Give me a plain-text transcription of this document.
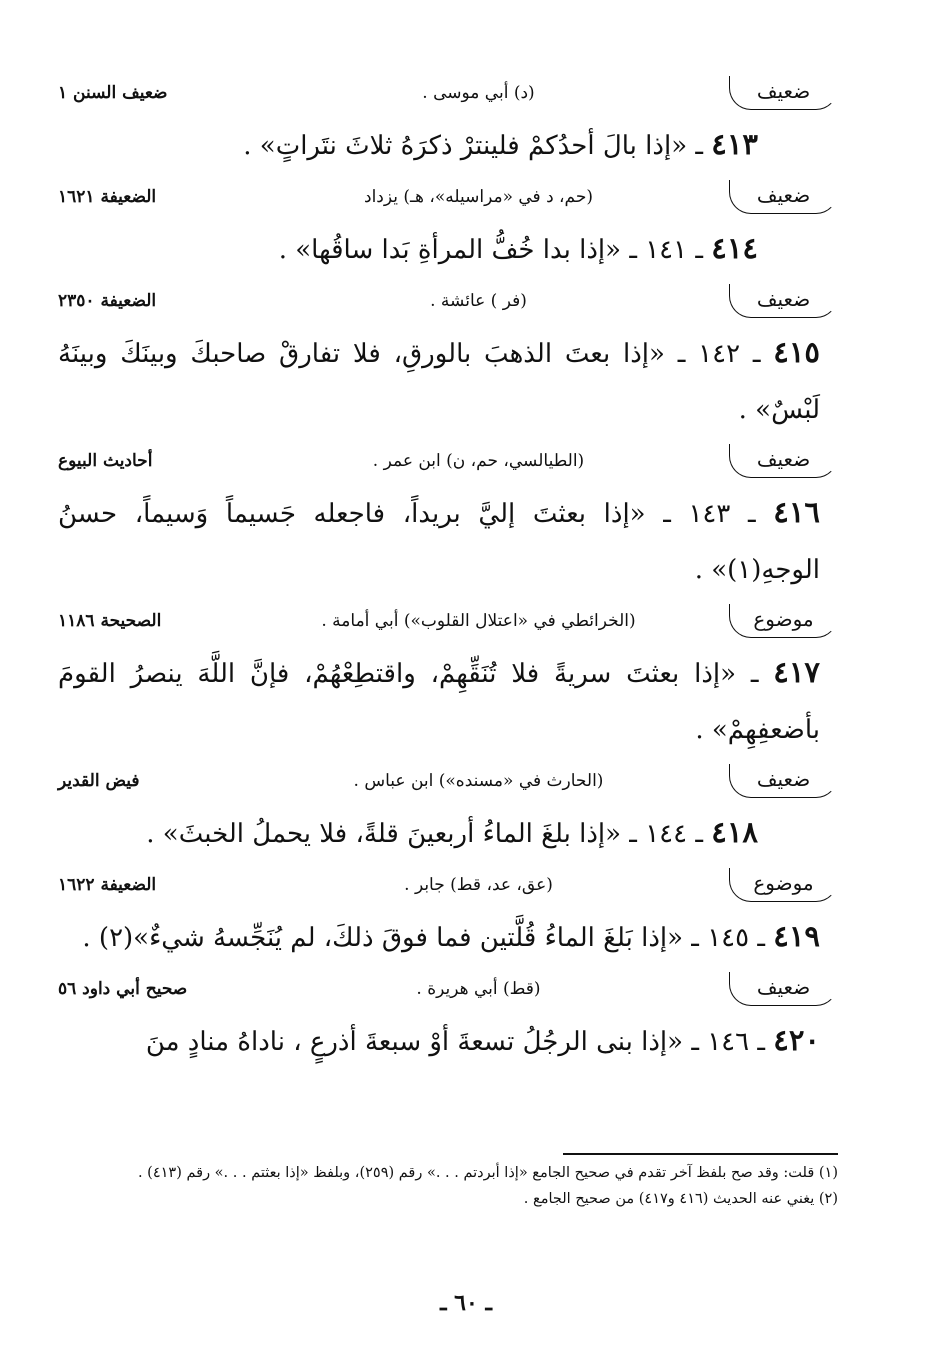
ضعيف
(د) أبي موسى .
ضعيف السنن ١
٤١٣ ـ «إذا بالَ أحدُكمْ فلينترْ ذكرَهُ ثلاثَ نتَراتٍ» .
ضعيف
(حم، د في «مراسيله»، هـ) يزداد
الضعيفة ١٦٢١
٤١٤ ـ ١٤١ ـ «إذا بدا خُفُّ المرأةِ بَدا ساقُها» .
ضعيف
(فر ) عائشة .
الضعيفة ٢٣٥٠
٤١٥ ـ ١٤٢ ـ «إذا بعتَ الذهبَ بالورقِ، فلا تفارقْ صاحبكَ وبينَكَ وبينَهُ لَبْسٌ» .
ضعيف
(الطيالسي، حم، ن) ابن عمر .
أحاديث البيوع
٤١٦ ـ ١٤٣ ـ «إذا بعثتَ إليَّ بريداً، فاجعله جَسيماً وَسيماً، حسنُ الوجهِ(١)» .
موضوع
(الخرائطي في «اعتلال القلوب») أبي أمامة .
الصحيحة ١١٨٦
٤١٧ ـ «إذا بعثتَ سريةً فلا تُنَقِّهِمْ، واقتطِعْهُمْ، فإنَّ اللَّهَ ينصرُ القومَ بأضعفِهِمْ» .
ضعيف
(الحارث في «مسنده») ابن عباس .
فيض القدير
٤١٨ ـ ١٤٤ ـ «إذا بلغَ الماءُ أربعينَ قلةً، فلا يحملُ الخبثَ» .
موضوع
(عق، عد، قط) جابر .
الضعيفة ١٦٢٢
٤١٩ ـ ١٤٥ ـ «إذا بَلغَ الماءُ قُلَّتين فما فوقَ ذلكَ، لم يُنَجِّسهُ شيءٌ»(٢) .
ضعيف
(قط) أبي هريرة .
صحيح أبي داود ٥٦
٤٢٠ ـ ١٤٦ ـ «إذا بنى الرجُلُ تسعةَ أوْ سبعةَ أذرعٍ ، ناداهُ منادٍ منَ
(١) قلت: وقد صح بلفظ آخر تقدم في صحيح الجامع «إذا أبردتم . . .» رقم (٢٥٩)، وبلفظ «إذا بعثتم . . .» رقم (٤١٣) .
(٢) يغني عنه الحديث (٤١٦ و٤١٧) من صحيح الجامع .
ـ ٦٠ ـ
